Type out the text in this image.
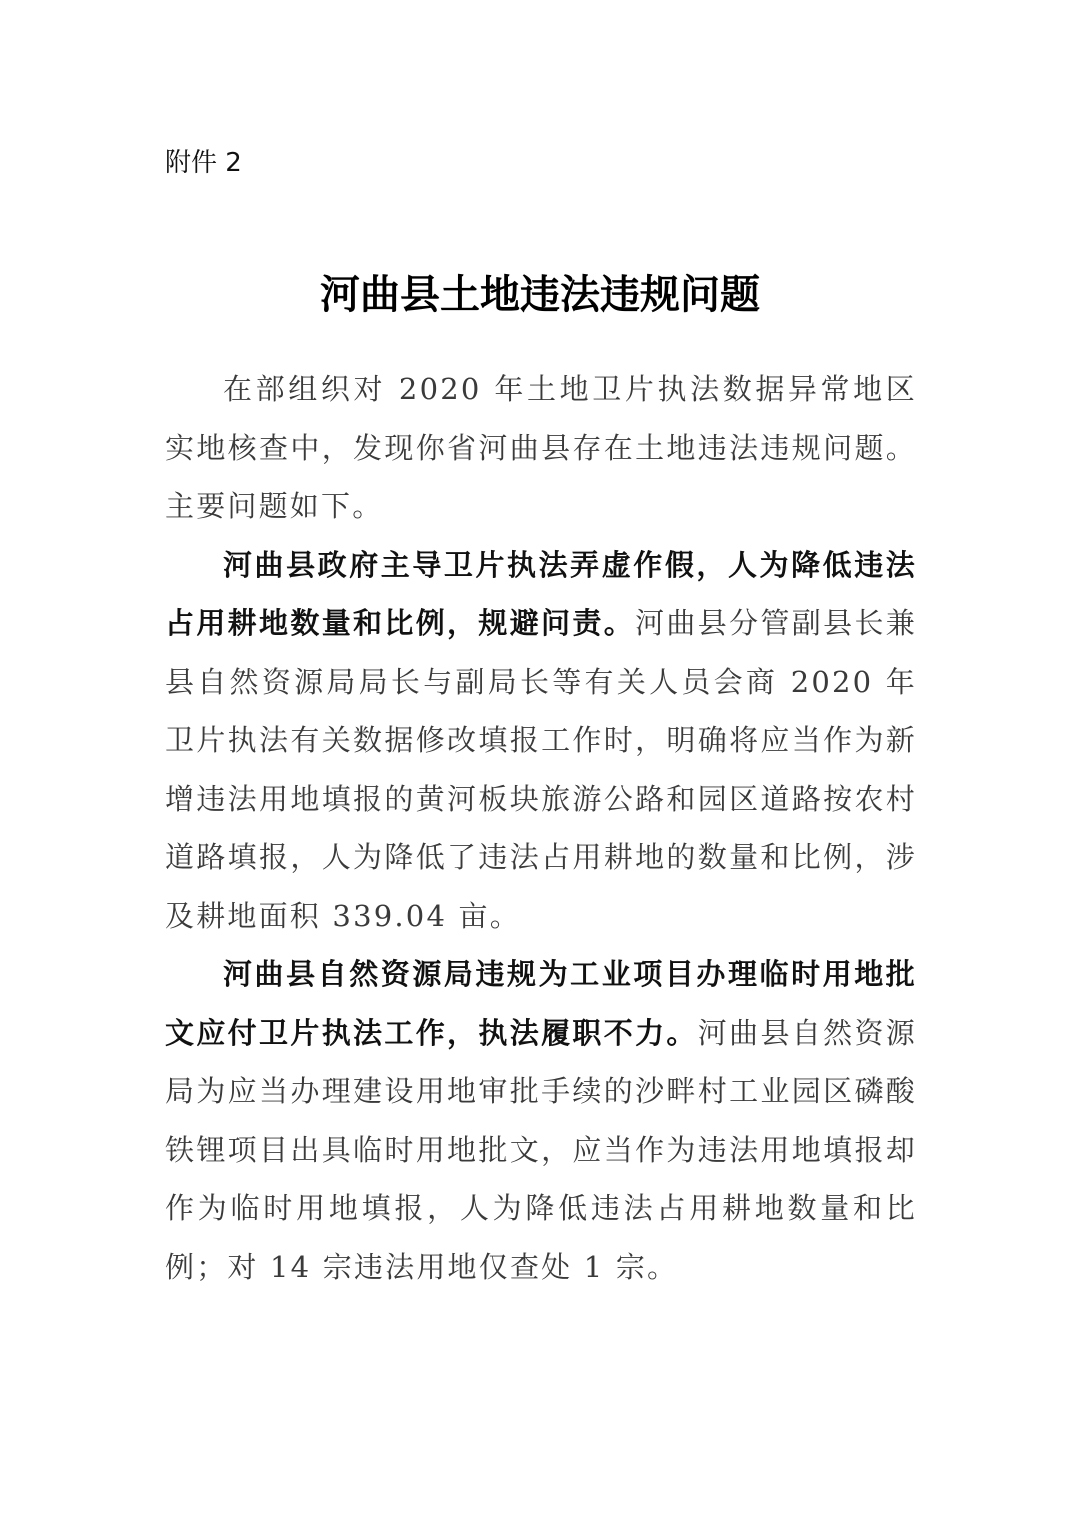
附件 2
河曲县土地违法违规问题

在部组织对 2020 年土地卫片执法数据异常地区实地核查中，发现你省河曲县存在土地违法违规问题。主要问题如下。

河曲县政府主导卫片执法弄虚作假，人为降低违法占用耕地数量和比例，规避问责。河曲县分管副县长兼县自然资源局局长与副局长等有关人员会商 2020 年卫片执法有关数据修改填报工作时，明确将应当作为新增违法用地填报的黄河板块旅游公路和园区道路按农村道路填报，人为降低了违法占用耕地的数量和比例，涉及耕地面积 339.04 亩。

河曲县自然资源局违规为工业项目办理临时用地批文应付卫片执法工作，执法履职不力。河曲县自然资源局为应当办理建设用地审批手续的沙畔村工业园区磷酸铁锂项目出具临时用地批文，应当作为违法用地填报却作为临时用地填报，人为降低违法占用耕地数量和比例；对 14 宗违法用地仅查处 1 宗。
